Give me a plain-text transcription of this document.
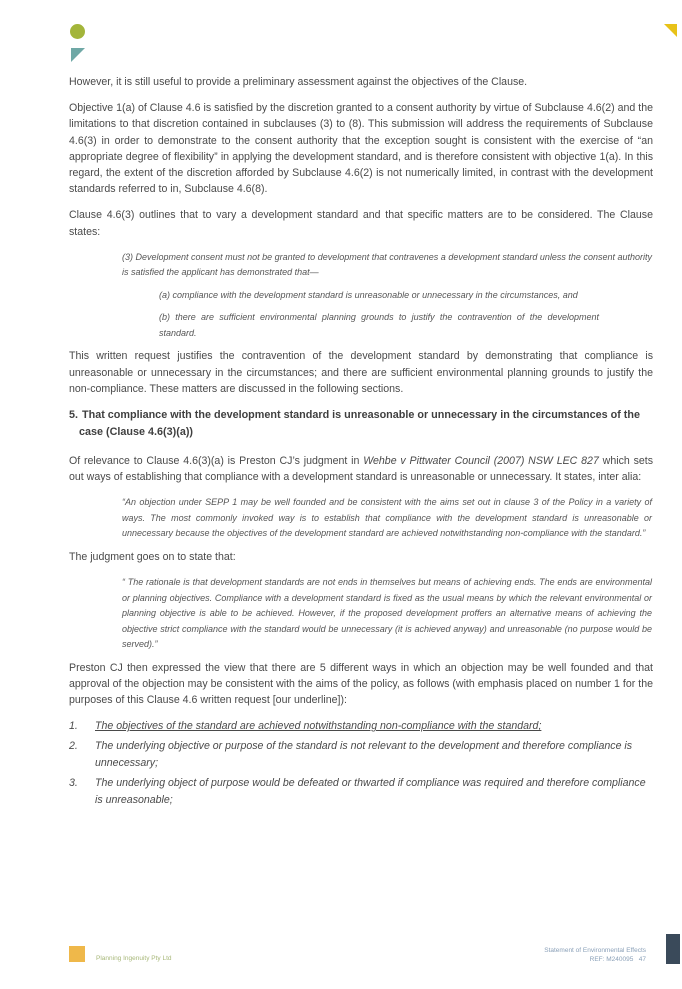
However, it is still useful to provide a preliminary assessment against the objectives of the Clause.

Objective 1(a) of Clause 4.6 is satisfied by the discretion granted to a consent authority by virtue of Subclause 4.6(2) and the limitations to that discretion contained in subclauses (3) to (8). This submission will address the requirements of Subclause 4.6(3) in order to demonstrate to the consent authority that the exception sought is consistent with the exercise of “an appropriate degree of flexibility” in applying the development standard, and is therefore consistent with objective 1(a). In this regard, the extent of the discretion afforded by Subclause 4.6(2) is not numerically limited, in contrast with the development standards referred to in, Subclause 4.6(8).

Clause 4.6(3) outlines that to vary a development standard and that specific matters are to be considered. The Clause states:

(3) Development consent must not be granted to development that contravenes a development standard unless the consent authority is satisfied the applicant has demonstrated that—
(a) compliance with the development standard is unreasonable or unnecessary in the circumstances, and
(b) there are sufficient environmental planning grounds to justify the contravention of the development standard.

This written request justifies the contravention of the development standard by demonstrating that compliance is unreasonable or unnecessary in the circumstances; and there are sufficient environmental planning grounds to justify the non-compliance. These matters are discussed in the following sections.

5. That compliance with the development standard is unreasonable or unnecessary in the circumstances of the case (Clause 4.6(3)(a))

Of relevance to Clause 4.6(3)(a) is Preston CJ’s judgment in Wehbe v Pittwater Council (2007) NSW LEC 827 which sets out ways of establishing that compliance with a development standard is unreasonable or unnecessary. It states, inter alia:

“An objection under SEPP 1 may be well founded and be consistent with the aims set out in clause 3 of the Policy in a variety of ways. The most commonly invoked way is to establish that compliance with the development standard is unreasonable or unnecessary because the objectives of the development standard are achieved notwithstanding non-compliance with the standard.”

The judgment goes on to state that:

“ The rationale is that development standards are not ends in themselves but means of achieving ends. The ends are environmental or planning objectives. Compliance with a development standard is fixed as the usual means by which the relevant environmental or planning objective is able to be achieved. However, if the proposed development proffers an alternative means of achieving the objective strict compliance with the standard would be unnecessary (it is achieved anyway) and unreasonable (no purpose would be served).”

Preston CJ then expressed the view that there are 5 different ways in which an objection may be well founded and that approval of the objection may be consistent with the aims of the policy, as follows (with emphasis placed on number 1 for the purposes of this Clause 4.6 written request [our underline]):

1. The objectives of the standard are achieved notwithstanding non-compliance with the standard;
2. The underlying objective or purpose of the standard is not relevant to the development and therefore compliance is unnecessary;
3. The underlying object of purpose would be defeated or thwarted if compliance was required and therefore compliance is unreasonable;
Planning Ingenuity Pty Ltd
Statement of Environmental Effects
REF: M240095 47
